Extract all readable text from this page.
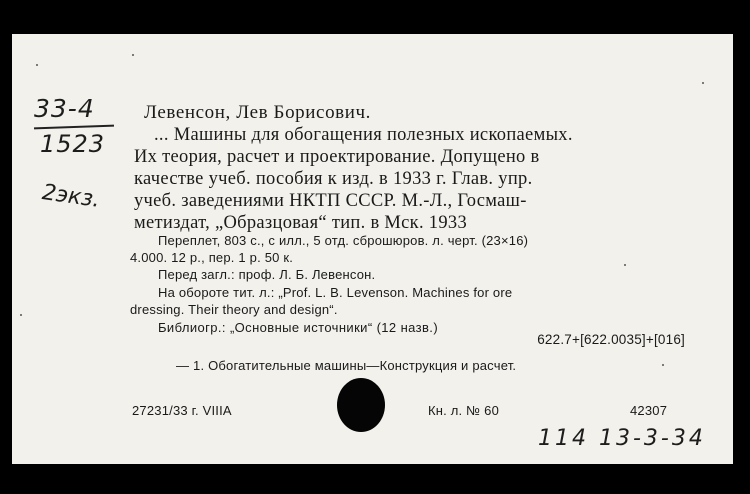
33-4
1523
2экз.
Левенсон, Лев Борисович.
... Машины для обогащения полезных ископаемых.
Их теория, расчет и проектирование. Допущено в
качестве учеб. пособия к изд. в 1933 г. Глав. упр.
учеб. заведениями НКТП СССР. М.-Л., Госмаш-
метиздат, „Образцовая“ тип. в Мск. 1933
Переплет, 803 с., с илл., 5 отд. сброшюров. л. черт. (23×16)
4.000. 12 р., пер. 1 р. 50 к.
Перед загл.: проф. Л. Б. Левенсон.
На обороте тит. л.: „Prof. L. B. Levenson. Machines for ore
dressing. Their theory and design“.
Библиогр.: „Основные источники“ (12 назв.)
622.7+[622.0035]+[016]
— 1. Обогатительные машины—Конструкция и расчет.
27231/33 г. VIIIA	Кн. л. № 60	42307
114 13-3-34
